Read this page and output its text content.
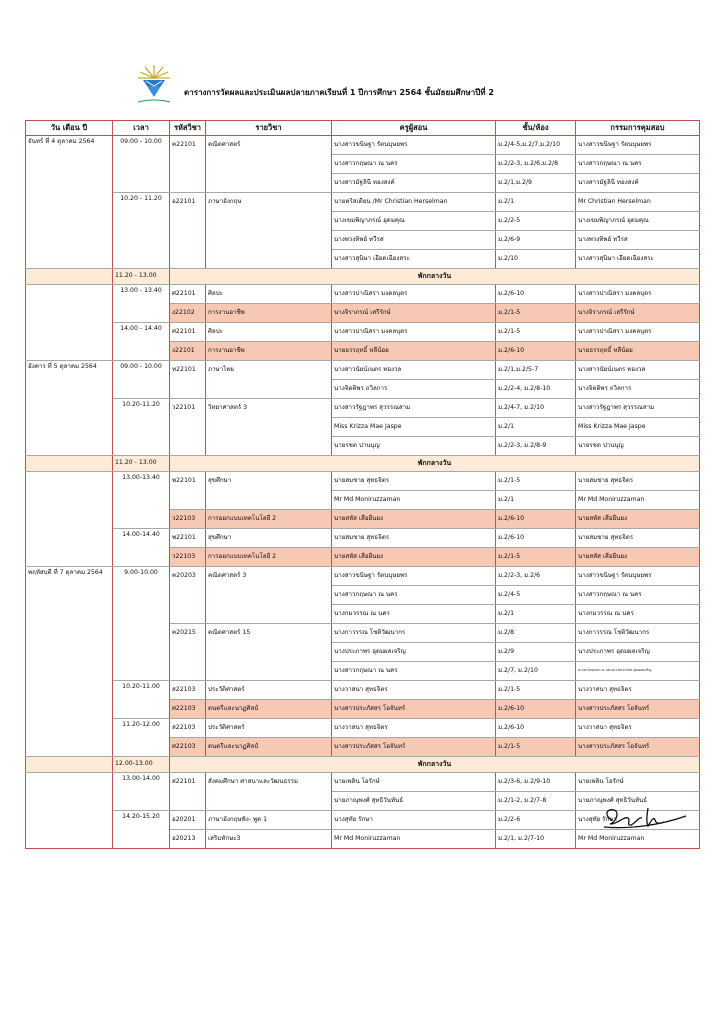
ตารางการวัดผลและประเมินผลปลายภาคเรียนที่ 1 ปีการศึกษา 2564 ชั้นมัธยมศึกษาปีที่ 2
วัน เดือน ปี	เวลา	รหัสวิชา	รายวิชา	ครูผู้สอน	ชั้น/ห้อง	กรรมการคุมสอบ
จันทร์ ที่ 4 ตุลาคม 2564	09.00 - 10.00	ค22101	คณิตศาสตร์	นางสาวขนิษฐา รัตนบุษยพร	ม.2/4-5,ม.2/7,ม.2/10	นางสาวขนิษฐา รัตนบุษยพร
				นางสาวกฤษณา ณ นคร	ม.2/2-3, ม.2/6,ม.2/8	นางสาวกฤษณา ณ นคร
				นางสาวมัฐลินี ทองสงค์	ม.2/1,ม.2/9	นางสาวมัฐลินี ทองสงค์
	10.20 - 11.20	อ22101	ภาษาอังกฤษ	นายคริสเตียน /Mr Christian Herselman	ม.2/1	Mr Christian Herselman
				นางเขมพิญาภรณ์ อุดมคุณ	ม.2/2-5	นางเขมพิญาภรณ์ อุดมคุณ
				นางพวงทิพย์ ทวีรส	ม.2/6-9	นางพวงทิพย์ ทวีรส
				นางสาวสุนิษา เอียดเฉียงสระ	ม.2/10	นางสาวสุนิษา เอียดเฉียงสระ
	11.20 - 13.00	พักกลางวัน				
	13.00 - 13.40	ศ22101	ศิลปะ	นางสาวปาณิสรา มงคลบุตร	ม.2/6-10	นางสาวปาณิสรา มงคลบุตร
		ง22102	การงานอาชีพ	นางจิราภรณ์ เสรีรักษ์	ม.2/1-5	นางจิราภรณ์ เสรีรักษ์
	14.00 - 14.40	ศ22101	ศิลปะ	นางสาวปาณิสรา มงคลบุตร	ม.2/1-5	นางสาวปาณิสรา มงคลบุตร
		ง22101	การงานอาชีพ	นายธรรฤทธิ์ หลีน้อย	ม.2/6-10	นายธรรฤทธิ์ หลีน้อย
อังคาร ที่ 5 ตุลาคม 2564	09.00 - 10.00	ท22101	ภาษาไทย	นางสาวนัยน์เนตร ทองวล	ม.2/1,ม.2/5-7	นางสาวนัยน์เนตร ทองวล
				นางจิตติพร ถวิลการ	ม.2/2-4, ม.2/8-10	นางจิตติพร ถวิลการ
	10.20-11.20	ว22101	วิทยาศาสตร์ 3	นางสาวรัฐฎาพร สุวรรณสาม	ม.2/4-7, ม.2/10	นางสาวรัฐฎาพร สุวรรณสาม
				Miss Krizza Mae Jaspe	ม.2/1	Miss Krizza Mae Jaspe
				นายรชต ปานบุญ	ม.2/2-3, ม.2/8-9	นายรชต ปานบุญ
	11.20 - 13.00	พักกลางวัน				
	13.00-13.40	พ22101	สุขศึกษา	นายสมชาย สุทธจิตร	ม.2/1-5	นายสมชาย สุทธจิตร
				Mr Md Moniruzzaman	ม.2/1	Mr Md Moniruzzaman
		ว22103	การออกแบบเทคโนโลยี 2	นายสหัส เสือยืนยง	ม.2/6-10	นายสหัส เสือยืนยง
	14.00-14.40	พ22101	สุขศึกษา	นายสมชาย สุทธจิตร	ม.2/6-10	นายสมชาย สุทธจิตร
		ว22103	การออกแบบเทคโนโลยี 2	นายสหัส เสือยืนยง	ม.2/1-5	นายสหัส เสือยืนยง
พฤหัสบดี ที่ 7 ตุลาคม 2564	9.00-10.00	ค20203	คณิตศาสตร์ 3	นางสาวขนิษฐา รัตนบุษยพร	ม.2/2-3, ม.2/6	นางสาวขนิษฐา รัตนบุษยพร
				นางสาวกฤษณา ณ นคร	ม.2/4-5	นางสาวกฤษณา ณ นคร
				นางกมวรรณ ณ นคร	ม.2/1	นางกมวรรณ ณ นคร
		ค20215	คณิตศาสตร์ 15	นางกาวรรณ โชติวัฒนากร	ม.2/8	นางกาวรรณ โชติวัฒนากร
				นางประภาพร อุดมผลเจริญ	ม.2/9	นางประภาพร อุดมผลเจริญ
				นางสาวกฤษณา ณ นคร	ม.2/7, ม.2/10	นางสาวกฤษณา ณ นคร/นางประภาพร อุดมผลเจริญ
	10.20-11.00	ส22103	ประวัติศาสตร์	นางวาสนา สุทธจิตร	ม.2/1-5	นางวาสนา สุทธจิตร
		ศ22103	ดนตรีและนาฏศิลป์	นางสาวประภัสสร โอจันทร์	ม.2/6-10	นางสาวประภัสสร โอจันทร์
	11.20-12.00	ส22103	ประวัติศาสตร์	นางวาสนา สุทธจิตร	ม.2/6-10	นางวาสนา สุทธจิตร
		ศ22103	ดนตรีและนาฏศิลป์	นางสาวประภัสสร โอจันทร์	ม.2/1-5	นางสาวประภัสสร โอจันทร์
	12.00-13.00	พักกลางวัน				
	13.00-14.00	ส22101	สังคมศึกษา ศาสนาและวัฒนธรรม	นายเพลิน โอรักษ์	ม.2/3-6, ม.2/9-10	นายเพลิน โอรักษ์
				นายภาณุพงศ์ สุทธิวันทันธ์	ม.2/1-2, ม.2/7-8	นายภาณุพงศ์ สุทธิวันทันธ์
	14.20-15.20	อ20201	ภาษาอังกฤษฟัง- พูด 1	นางสุทัย รักษา	ม.2/2-6	นางสุทัย รักษา
		อ20213	เสริมทักษะ3	Mr Md Moniruzzaman	ม.2/1, ม.2/7-10	Mr Md Moniruzzaman
